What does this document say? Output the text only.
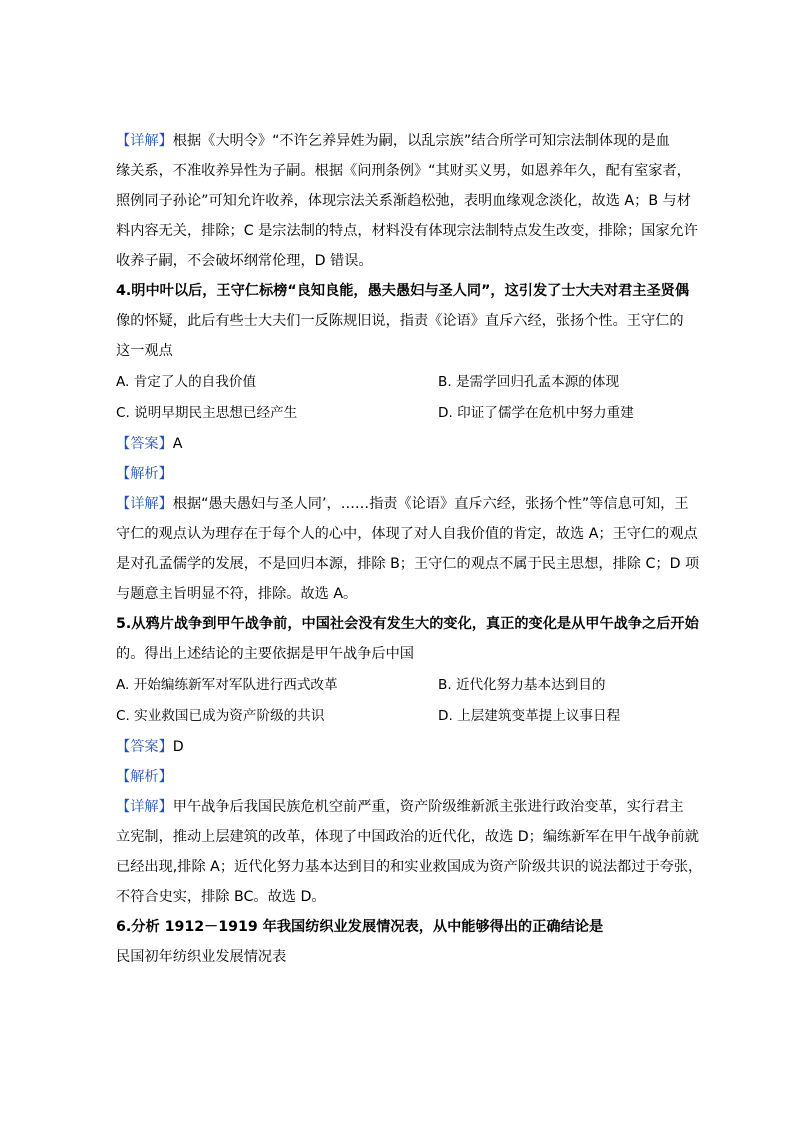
【详解】根据《大明令》“不许乞养异姓为嗣，以乱宗族”结合所学可知宗法制体现的是血
缘关系，不准收养异性为子嗣。根据《问刑条例》“其财买义男，如恩养年久，配有室家者，
照例同子孙论”可知允许收养，体现宗法关系渐趋松弛，表明血缘观念淡化，故选 A；B 与材
料内容无关，排除；C 是宗法制的特点，材料没有体现宗法制特点发生改变，排除；国家允许
收养子嗣，不会破坏纲常伦理，D 错误。
4.明中叶以后，王守仁标榜“良知良能，愚夫愚妇与圣人同”，这引发了士大夫对君主圣贤偶
像的怀疑，此后有些士大夫们一反陈规旧说，指责《论语》直斥六经，张扬个性。王守仁的
这一观点
A. 肯定了人的自我价值	B. 是需学回归孔孟本源的体现
C. 说明早期民主思想已经产生	D. 印证了儒学在危机中努力重建
【答案】A
【解析】
【详解】根据“愚夫愚妇与圣人同’，……指责《论语》直斥六经，张扬个性”等信息可知，王
守仁的观点认为理存在于每个人的心中，体现了对人自我价值的肯定，故选 A；王守仁的观点
是对孔孟儒学的发展，不是回归本源，排除 B；王守仁的观点不属于民主思想，排除 C；D 项
与题意主旨明显不符，排除。故选 A。
5.从鸦片战争到甲午战争前，中国社会没有发生大的变化，真正的变化是从甲午战争之后开始
的。得出上述结论的主要依据是甲午战争后中国
A. 开始编练新军对军队进行西式改革	B. 近代化努力基本达到目的
C. 实业救国已成为资产阶级的共识	D. 上层建筑变革提上议事日程
【答案】D
【解析】
【详解】甲午战争后我国民族危机空前严重，资产阶级维新派主张进行政治变革，实行君主
立宪制，推动上层建筑的改革，体现了中国政治的近代化，故选 D；编练新军在甲午战争前就
已经出现,排除 A；近代化努力基本达到目的和实业救国成为资产阶级共识的说法都过于夸张，
不符合史实，排除 BC。故选 D。
6.分析 1912－1919 年我国纺织业发展情况表，从中能够得出的正确结论是
民国初年纺织业发展情况表
